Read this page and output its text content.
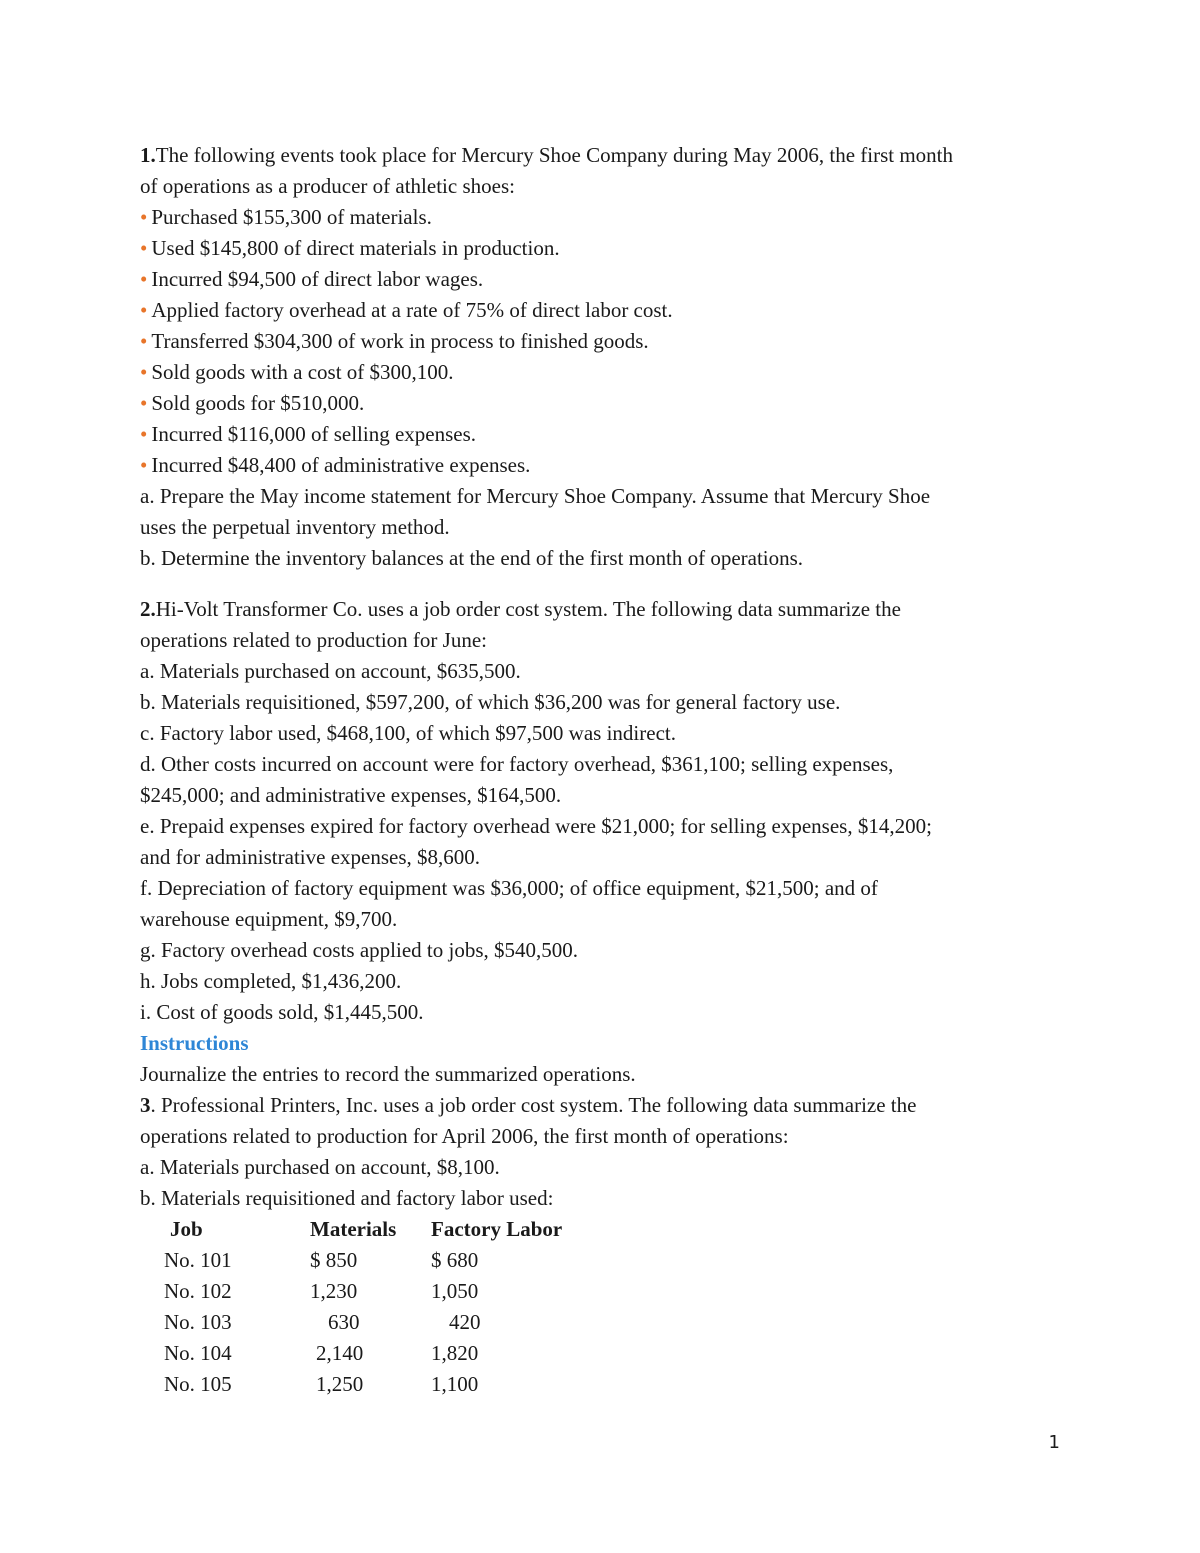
1.The following events took place for Mercury Shoe Company during May 2006, the first month
of operations as a producer of athletic shoes:
• Purchased $155,300 of materials.
• Used $145,800 of direct materials in production.
• Incurred $94,500 of direct labor wages.
• Applied factory overhead at a rate of 75% of direct labor cost.
• Transferred $304,300 of work in process to finished goods.
• Sold goods with a cost of $300,100.
• Sold goods for $510,000.
• Incurred $116,000 of selling expenses.
• Incurred $48,400 of administrative expenses.
a. Prepare the May income statement for Mercury Shoe Company. Assume that Mercury Shoe
uses the perpetual inventory method.
b. Determine the inventory balances at the end of the first month of operations.
2.Hi-Volt Transformer Co. uses a job order cost system. The following data summarize the
operations related to production for June:
a. Materials purchased on account, $635,500.
b. Materials requisitioned, $597,200, of which $36,200 was for general factory use.
c. Factory labor used, $468,100, of which $97,500 was indirect.
d. Other costs incurred on account were for factory overhead, $361,100; selling expenses,
$245,000; and administrative expenses, $164,500.
e. Prepaid expenses expired for factory overhead were $21,000; for selling expenses, $14,200;
and for administrative expenses, $8,600.
f. Depreciation of factory equipment was $36,000; of office equipment, $21,500; and of
warehouse equipment, $9,700.
g. Factory overhead costs applied to jobs, $540,500.
h. Jobs completed, $1,436,200.
i. Cost of goods sold, $1,445,500.
Instructions
Journalize the entries to record the summarized operations.
3. Professional Printers, Inc. uses a job order cost system. The following data summarize the
operations related to production for April 2006, the first month of operations:
a. Materials purchased on account, $8,100.
b. Materials requisitioned and factory labor used:
Job	Materials	Factory Labor
No. 101	$ 850	$ 680
No. 102	1,230	1,050
No. 103	630	420
No. 104	2,140	1,820
No. 105	1,250	1,100
1
